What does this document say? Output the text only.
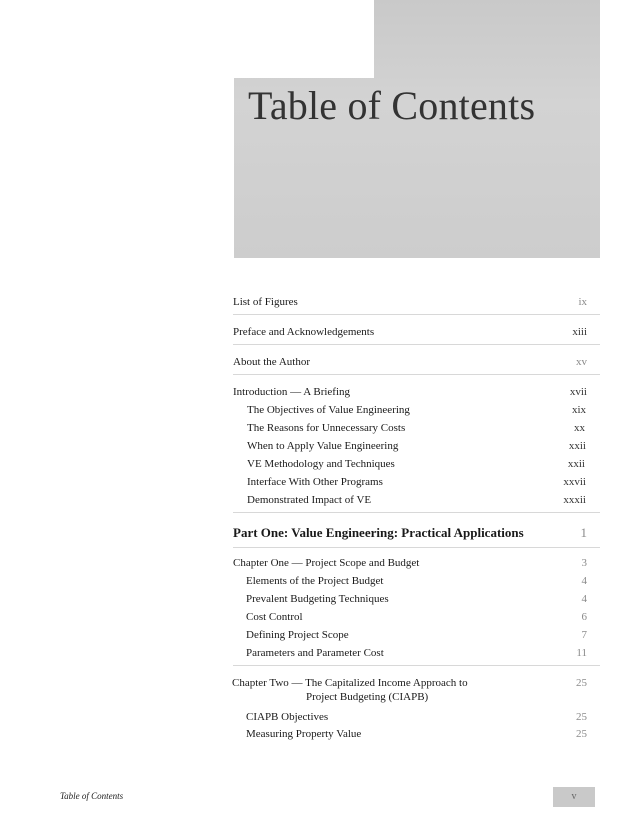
Table of Contents
List of Figures	ix
Preface and Acknowledgements	xiii
About the Author	xv
Introduction — A Briefing	xvii
The Objectives of Value Engineering	xix
The Reasons for Unnecessary Costs	xx
When to Apply Value Engineering	xxii
VE Methodology and Techniques	xxii
Interface With Other Programs	xxvii
Demonstrated Impact of VE	xxxii
Part One: Value Engineering: Practical Applications	1
Chapter One — Project Scope and Budget	3
Elements of the Project Budget	4
Prevalent Budgeting Techniques	4
Cost Control	6
Defining Project Scope	7
Parameters and Parameter Cost	11
Chapter Two — The Capitalized Income Approach to	25
Project Budgeting (CIAPB)
CIAPB Objectives	25
Measuring Property Value	25
Table of Contents	v
